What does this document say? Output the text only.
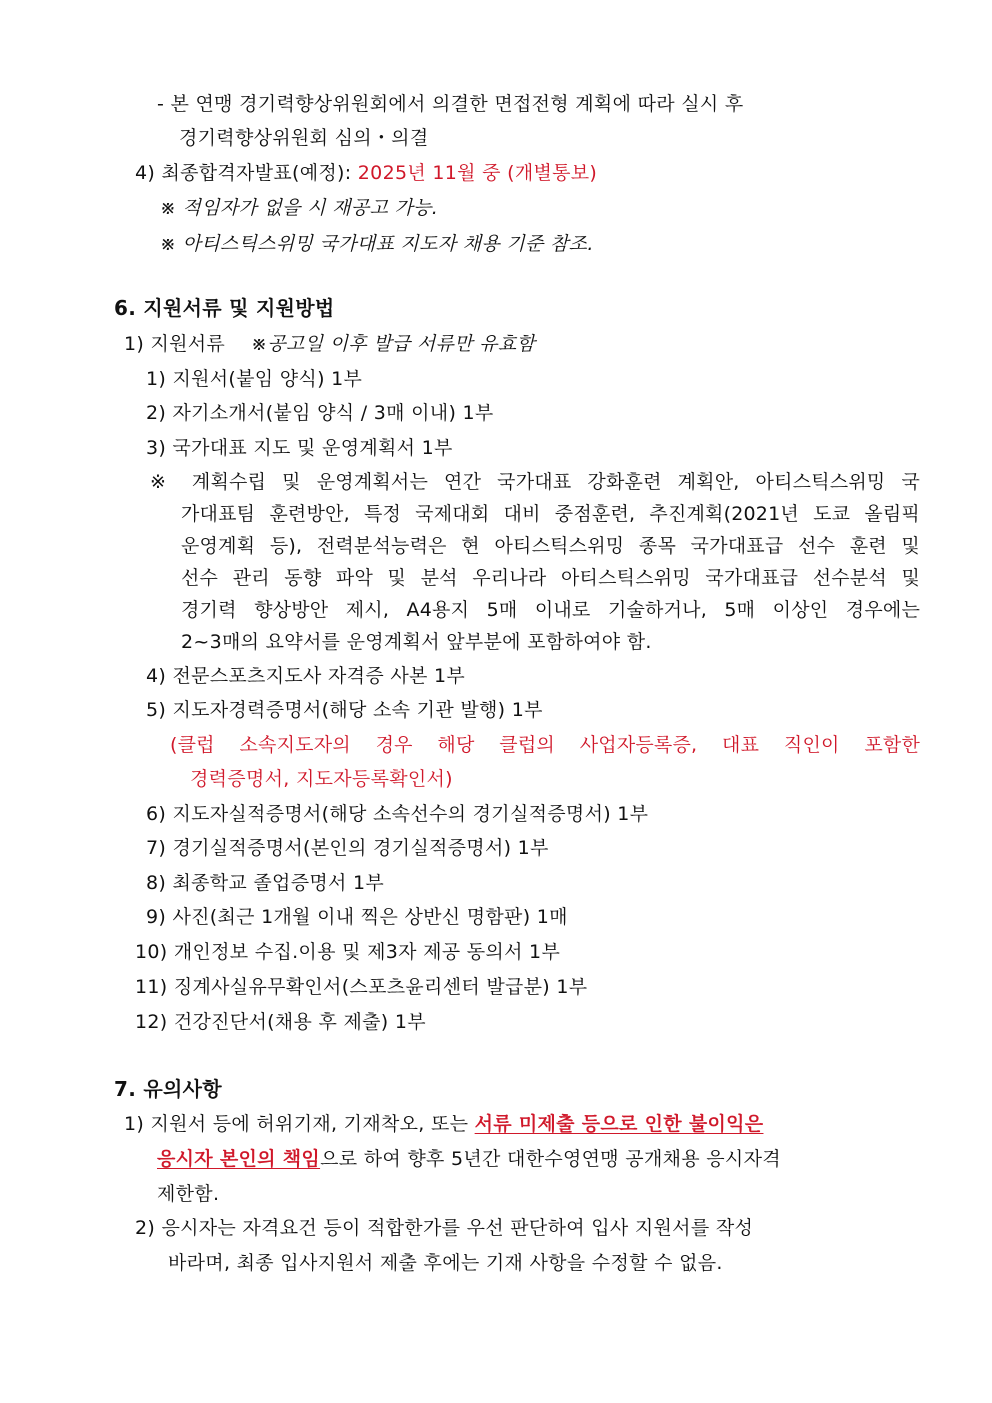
- 본 연맹 경기력향상위원회에서 의결한 면접전형 계획에 따라 실시 후
경기력향상위원회 심의・의결
4) 최종합격자발표(예정): 2025년 11월 중 (개별통보)
※ 적임자가 없을 시 재공고 가능.
※ 아티스틱스위밍 국가대표 지도자 채용 기준 참조.
6. 지원서류 및 지원방법
1) 지원서류 ※공고일 이후 발급 서류만 유효함
1) 지원서(붙임 양식) 1부
2) 자기소개서(붙임 양식 / 3매 이내) 1부
3) 국가대표 지도 및 운영계획서 1부
※ 계획수립 및 운영계획서는 연간 국가대표 강화훈련 계획안, 아티스틱스위밍 국
가대표팀 훈련방안, 특정 국제대회 대비 중점훈련, 추진계획(2021년 도쿄 올림픽
운영계획 등), 전력분석능력은 현 아티스틱스위밍 종목 국가대표급 선수 훈련 및
선수 관리 동향 파악 및 분석 우리나라 아티스틱스위밍 국가대표급 선수분석 및
경기력 향상방안 제시, A4용지 5매 이내로 기술하거나, 5매 이상인 경우에는
2~3매의 요약서를 운영계획서 앞부분에 포함하여야 함.
4) 전문스포츠지도사 자격증 사본 1부
5) 지도자경력증명서(해당 소속 기관 발행) 1부
(클럽 소속지도자의 경우 해당 클럽의 사업자등록증, 대표 직인이 포함한
경력증명서, 지도자등록확인서)
6) 지도자실적증명서(해당 소속선수의 경기실적증명서) 1부
7) 경기실적증명서(본인의 경기실적증명서) 1부
8) 최종학교 졸업증명서 1부
9) 사진(최근 1개월 이내 찍은 상반신 명함판) 1매
10) 개인정보 수집.이용 및 제3자 제공 동의서 1부
11) 징계사실유무확인서(스포츠윤리센터 발급분) 1부
12) 건강진단서(채용 후 제출) 1부
7. 유의사항
1) 지원서 등에 허위기재, 기재착오, 또는 서류 미제출 등으로 인한 불이익은
응시자 본인의 책임으로 하여 향후 5년간 대한수영연맹 공개채용 응시자격
제한함.
2) 응시자는 자격요건 등이 적합한가를 우선 판단하여 입사 지원서를 작성
바라며, 최종 입사지원서 제출 후에는 기재 사항을 수정할 수 없음.
